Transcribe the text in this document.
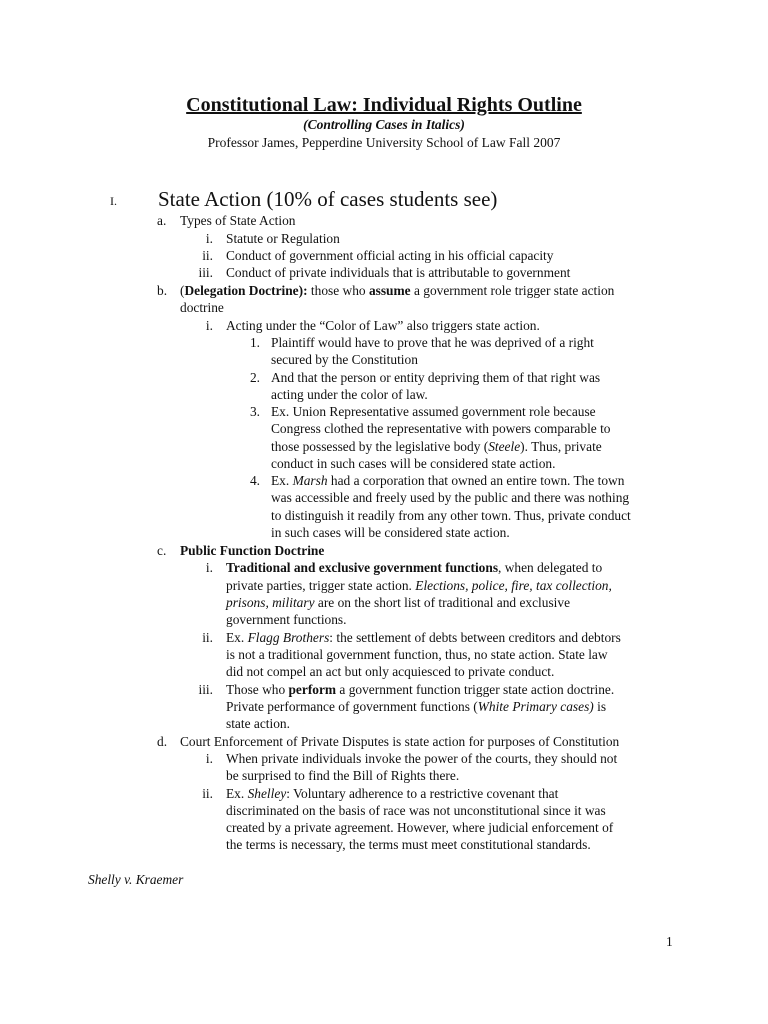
Constitutional Law: Individual Rights Outline
(Controlling Cases in Italics)
Professor James, Pepperdine University School of Law Fall 2007
I. State Action (10% of cases students see)
a. Types of State Action
i. Statute or Regulation
ii. Conduct of government official acting in his official capacity
iii. Conduct of private individuals that is attributable to government
b. (Delegation Doctrine): those who assume a government role trigger state action
doctrine
i. Acting under the “Color of Law” also triggers state action.
1. Plaintiff would have to prove that he was deprived of a right
secured by the Constitution
2. And that the person or entity depriving them of that right was
acting under the color of law.
3. Ex. Union Representative assumed government role because
Congress clothed the representative with powers comparable to
those possessed by the legislative body (Steele). Thus, private
conduct in such cases will be considered state action.
4. Ex. Marsh had a corporation that owned an entire town. The town
was accessible and freely used by the public and there was nothing
to distinguish it readily from any other town. Thus, private conduct
in such cases will be considered state action.
c. Public Function Doctrine
i. Traditional and exclusive government functions, when delegated to
private parties, trigger state action. Elections, police, fire, tax collection,
prisons, military are on the short list of traditional and exclusive
government functions.
ii. Ex. Flagg Brothers: the settlement of debts between creditors and debtors
is not a traditional government function, thus, no state action. State law
did not compel an act but only acquiesced to private conduct.
iii. Those who perform a government function trigger state action doctrine.
Private performance of government functions (White Primary cases) is
state action.
d. Court Enforcement of Private Disputes is state action for purposes of Constitution
i. When private individuals invoke the power of the courts, they should not
be surprised to find the Bill of Rights there.
ii. Ex. Shelley: Voluntary adherence to a restrictive covenant that
discriminated on the basis of race was not unconstitutional since it was
created by a private agreement. However, where judicial enforcement of
the terms is necessary, the terms must meet constitutional standards.
Shelly v. Kraemer
1
